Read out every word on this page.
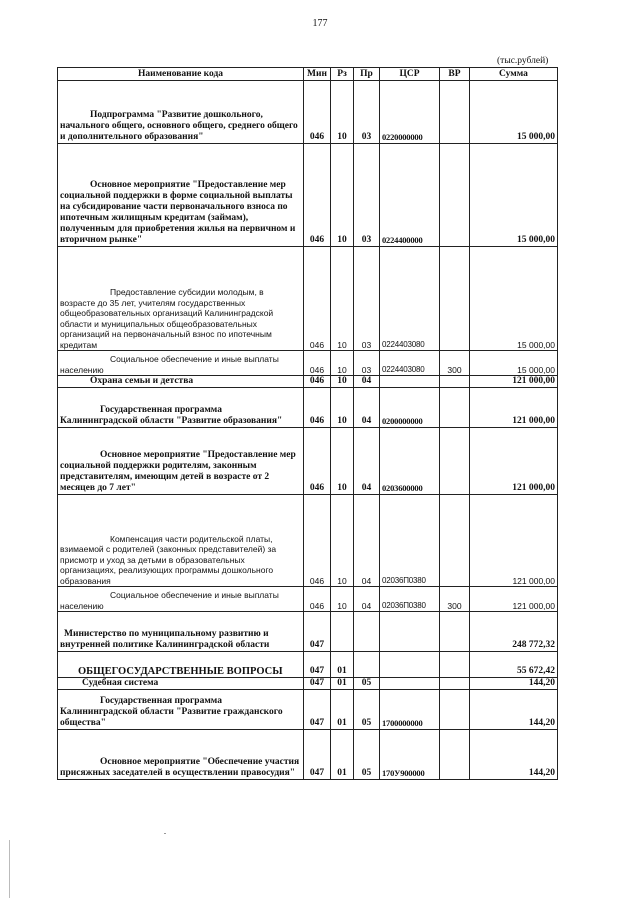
177
(тыс.рублей)
Наименование кода	Мин	Рз	Пр	ЦСР	ВР	Сумма
Подпрограмма "Развитие дошкольного, начального общего, основного общего, среднего общего и дополнительного образования"	046	10	03	0220000000		15 000,00
Основное мероприятие "Предоставление мер социальной поддержки в форме социальной выплаты на субсидирование части первоначального взноса по ипотечным жилищным кредитам (займам), полученным для приобретения жилья на первичном и вторичном рынке"	046	10	03	0224400000		15 000,00
Предоставление субсидии молодым, в возрасте до 35 лет, учителям государственных общеобразовательных организаций Калининградской области и муниципальных общеобразовательных организаций на первоначальный взнос по ипотечным кредитам	046	10	03	0224403080		15 000,00
Социальное обеспечение и иные выплаты населению	046	10	03	0224403080	300	15 000,00
Охрана семьи и детства	046	10	04			121 000,00
Государственная программа Калининградской области "Развитие образования"	046	10	04	0200000000		121 000,00
Основное мероприятие "Предоставление мер социальной поддержки родителям, законным представителям, имеющим детей в возрасте от 2 месяцев до 7 лет"	046	10	04	0203600000		121 000,00
Компенсация части родительской платы, взимаемой с родителей (законных представителей) за присмотр и уход за детьми в образовательных организациях, реализующих программы дошкольного образования	046	10	04	02036П0380		121 000,00
Социальное обеспечение и иные выплаты населению	046	10	04	02036П0380	300	121 000,00
Министерство по муниципальному развитию и внутренней политике Калининградской области	047					248 772,32
ОБЩЕГОСУДАРСТВЕННЫЕ ВОПРОСЫ	047	01				55 672,42
Судебная система	047	01	05			144,20
Государственная программа Калининградской области "Развитие гражданского общества"	047	01	05	1700000000		144,20
Основное мероприятие "Обеспечение участия присяжных заседателей в осуществлении правосудия"	047	01	05	170У900000		144,20
